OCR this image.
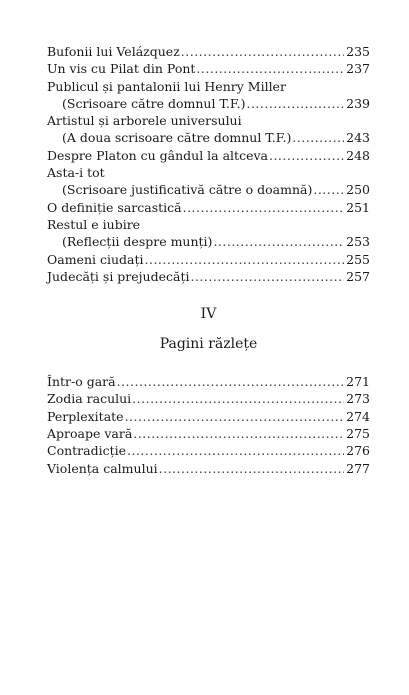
Bufonii lui Velázquez .....	235
Un vis cu Pilat din Pont .....	237
Publicul și pantalonii lui Henry Miller
(Scrisoare către domnul T.F.) .....	239
Artistul și arborele universului
(A doua scrisoare către domnul T.F.) .....	243
Despre Platon cu gândul la altceva .....	248
Asta-i tot
(Scrisoare justificativă către o doamnă) .....	250
O definiție sarcastică .....	251
Restul e iubire
(Reflecții despre munți) .....	253
Oameni ciudați .....	255
Judecăți și prejudecăți .....	257
IV
Pagini răzlețe
Într-o gară .....	271
Zodia racului .....	273
Perplexitate .....	274
Aproape vară .....	275
Contradicție .....	276
Violența calmului .....	277
